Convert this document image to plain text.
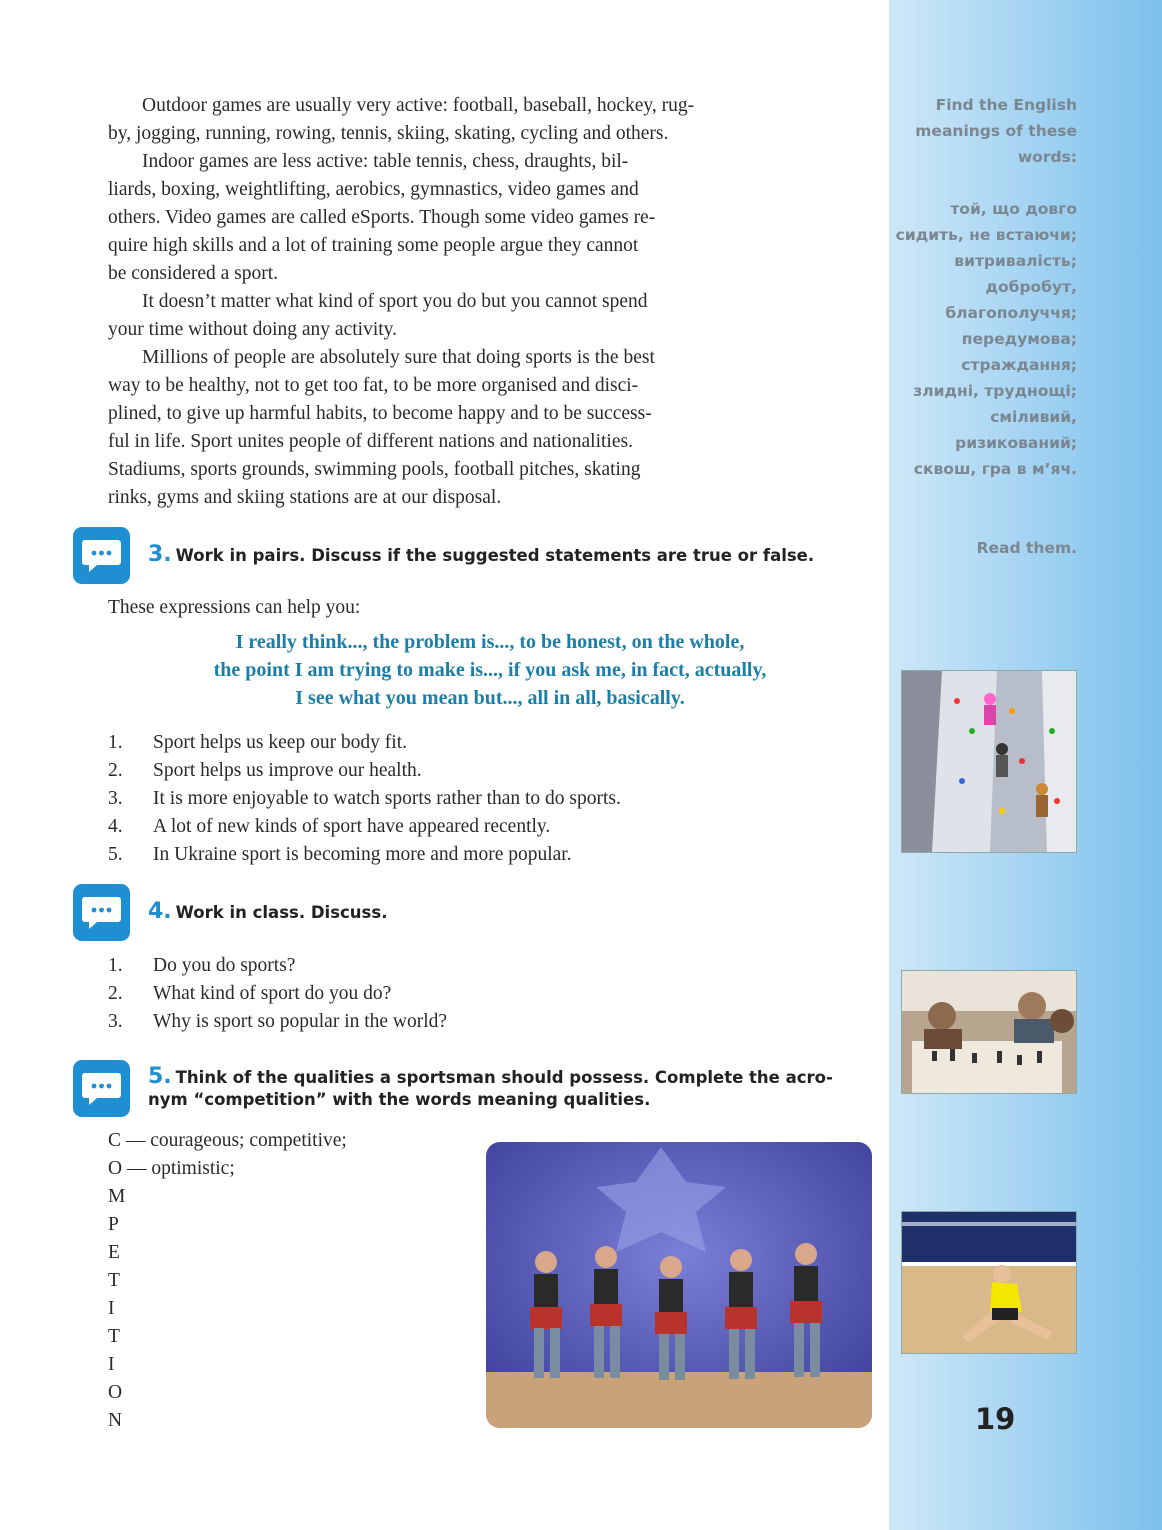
Find the English meanings of these words:
той, що довго
сидить, не встаючи;
витривалість;
добробут,
благополуччя;
передумова;
страждання;
злидні, труднощі;
сміливий,
ризикований;
сквош, гра в м’яч.
Read them.
19
Outdoor games are usually very active: football, baseball, hockey, rug-
by, jogging, running, rowing, tennis, skiing, skating, cycling and others.
Indoor games are less active: table tennis, chess, draughts, bil-
liards, boxing, weightlifting, aerobics, gymnastics, video games and
others. Video games are called eSports. Though some video games re-
quire high skills and a lot of training some people argue they cannot
be considered a sport.
It doesn’t matter what kind of sport you do but you cannot spend
your time without doing any activity.
Millions of people are absolutely sure that doing sports is the best
way to be healthy, not to get too fat, to be more organised and disci-
plined, to give up harmful habits, to become happy and to be success-
ful in life. Sport unites people of different nations and nationalities.
Stadiums, sports grounds, swimming pools, football pitches, skating
rinks, gyms and skiing stations are at our disposal.
3. Work in pairs. Discuss if the suggested statements are true or false.
These expressions can help you:
I really think..., the problem is..., to be honest, on the whole,
the point I am trying to make is..., if you ask me, in fact, actually,
I see what you mean but..., all in all, basically.
1. Sport helps us keep our body fit.
2. Sport helps us improve our health.
3. It is more enjoyable to watch sports rather than to do sports.
4. A lot of new kinds of sport have appeared recently.
5. In Ukraine sport is becoming more and more popular.
4. Work in class. Discuss.
1. Do you do sports?
2. What kind of sport do you do?
3. Why is sport so popular in the world?
5. Think of the qualities a sportsman should possess. Complete the acro-
nym “competition” with the words meaning qualities.
C — courageous; competitive;
O — optimistic;
M
P
E
T
I
T
I
O
N
